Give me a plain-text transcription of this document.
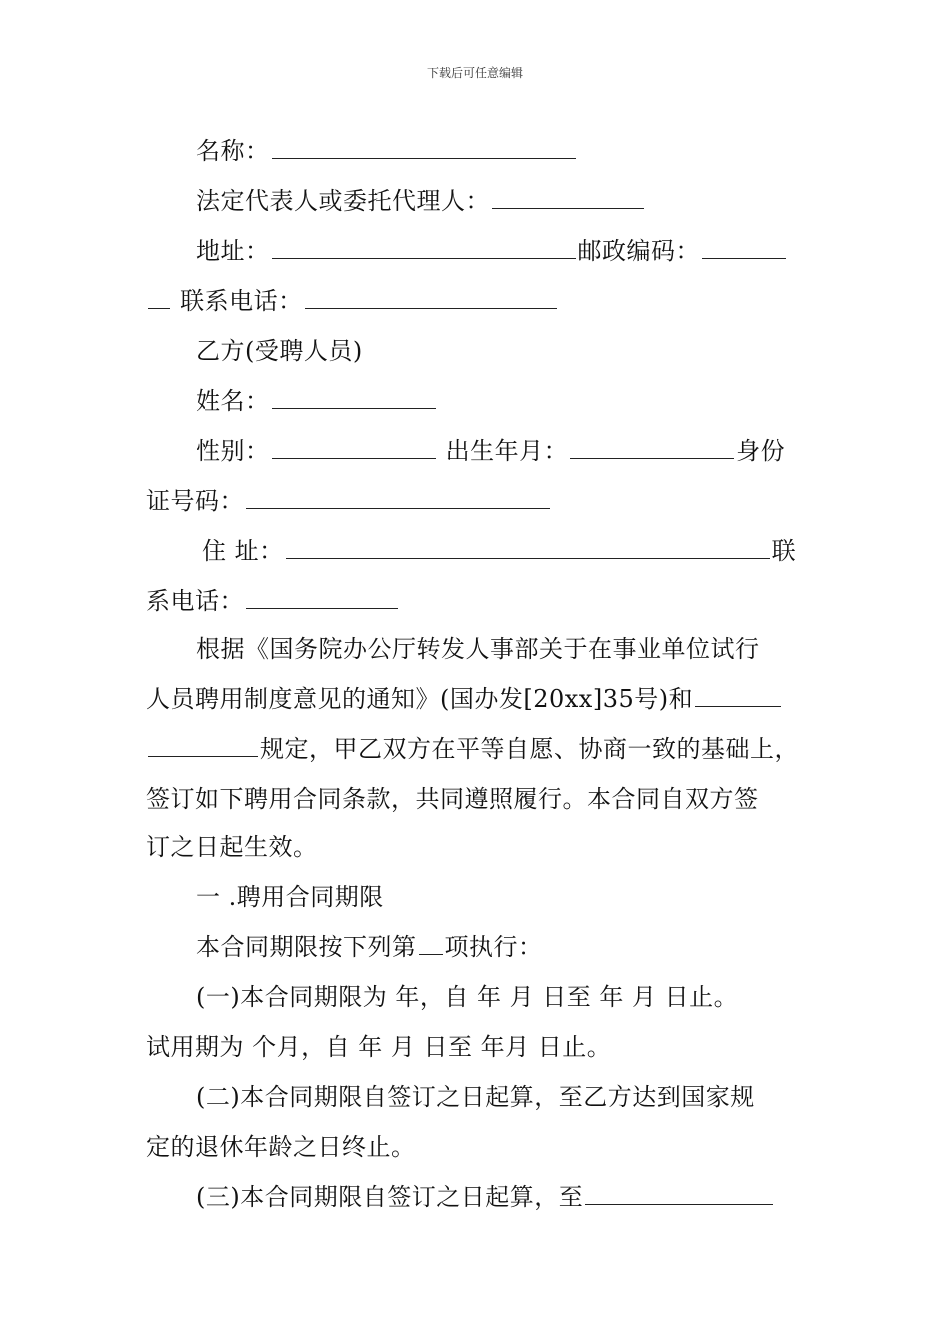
下载后可任意编辑
名称：
法定代表人或委托代理人：
地址：	邮政编码：
联系电话：
乙方(受聘人员)
姓名：
性别：	出生年月：	身份
证号码：
住 址：	联
系电话：
根据《国务院办公厅转发人事部关于在事业单位试行
人员聘用制度意见的通知》(国办发[20xx]35号)和
规定，甲乙双方在平等自愿、协商一致的基础上，
签订如下聘用合同条款，共同遵照履行。本合同自双方签
订之日起生效。
一 .聘用合同期限
本合同期限按下列第 项执行：
(一)本合同期限为 年，自 年 月 日至 年 月 日止。
试用期为 个月，自 年 月 日至 年月 日止。
(二)本合同期限自签订之日起算，至乙方达到国家规
定的退休年龄之日终止。
(三)本合同期限自签订之日起算，至
